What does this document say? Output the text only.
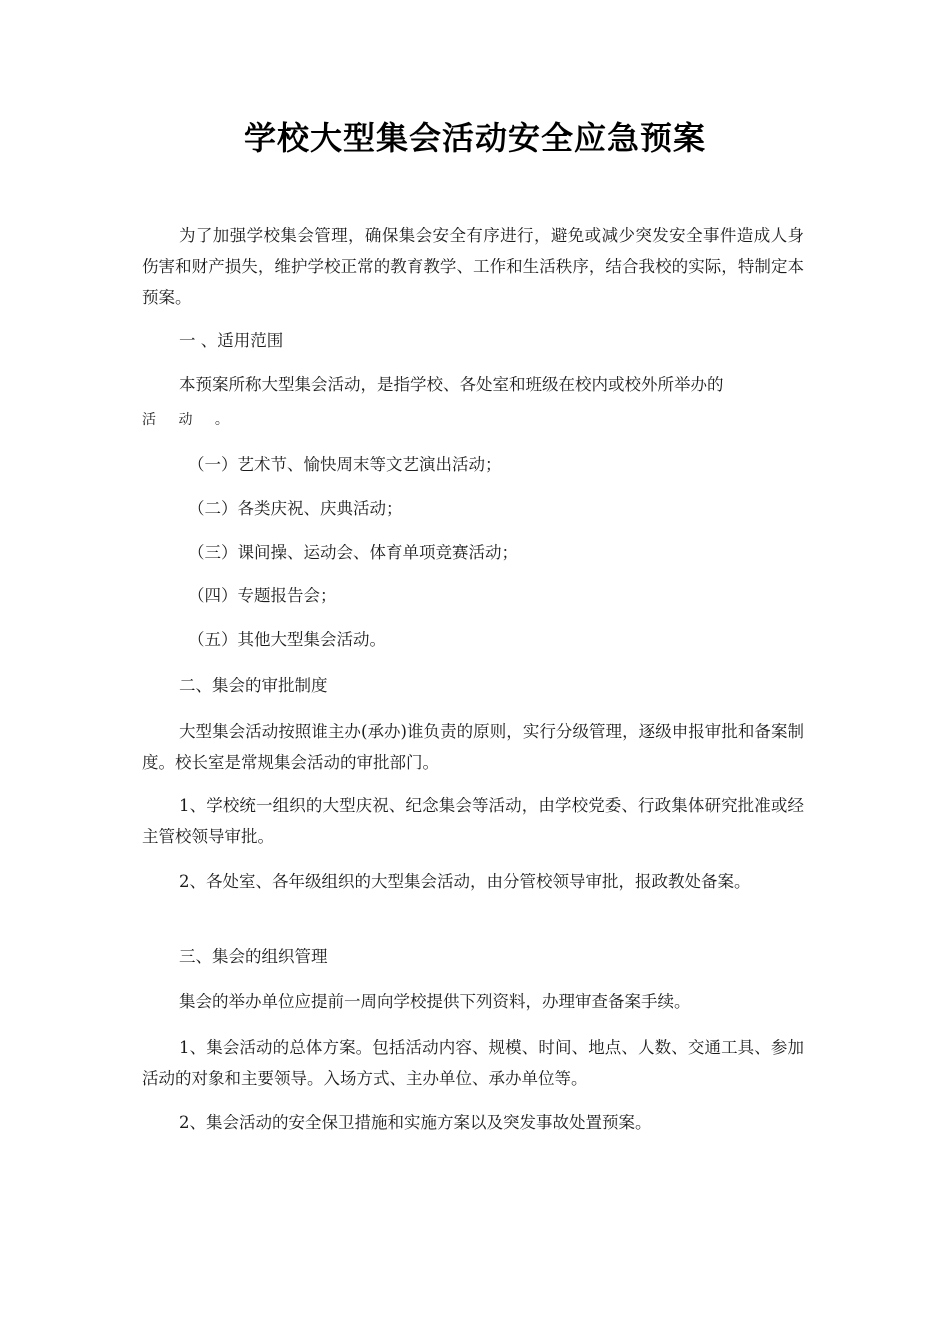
学校大型集会活动安全应急预案

为了加强学校集会管理，确保集会安全有序进行，避免或减少突发安全事件造成人身伤害和财产损失，维护学校正常的教育教学、工作和生活秩序，结合我校的实际，特制定本预案。

一 、适用范围

本预案所称大型集会活动，是指学校、各处室和班级在校内或校外所举办的

活 动 。

（一）艺术节、愉快周末等文艺演出活动；

（二）各类庆祝、庆典活动；

（三）课间操、运动会、体育单项竞赛活动；

（四）专题报告会；

（五）其他大型集会活动。

二、集会的审批制度

大型集会活动按照谁主办(承办)谁负责的原则，实行分级管理，逐级申报审批和备案制度。校长室是常规集会活动的审批部门。

1、学校统一组织的大型庆祝、纪念集会等活动，由学校党委、行政集体研究批准或经主管校领导审批。

2、各处室、各年级组织的大型集会活动，由分管校领导审批，报政教处备案。

三、集会的组织管理

集会的举办单位应提前一周向学校提供下列资料，办理审查备案手续。

1、集会活动的总体方案。包括活动内容、规模、时间、地点、人数、交通工具、参加活动的对象和主要领导。入场方式、主办单位、承办单位等。

2、集会活动的安全保卫措施和实施方案以及突发事故处置预案。
